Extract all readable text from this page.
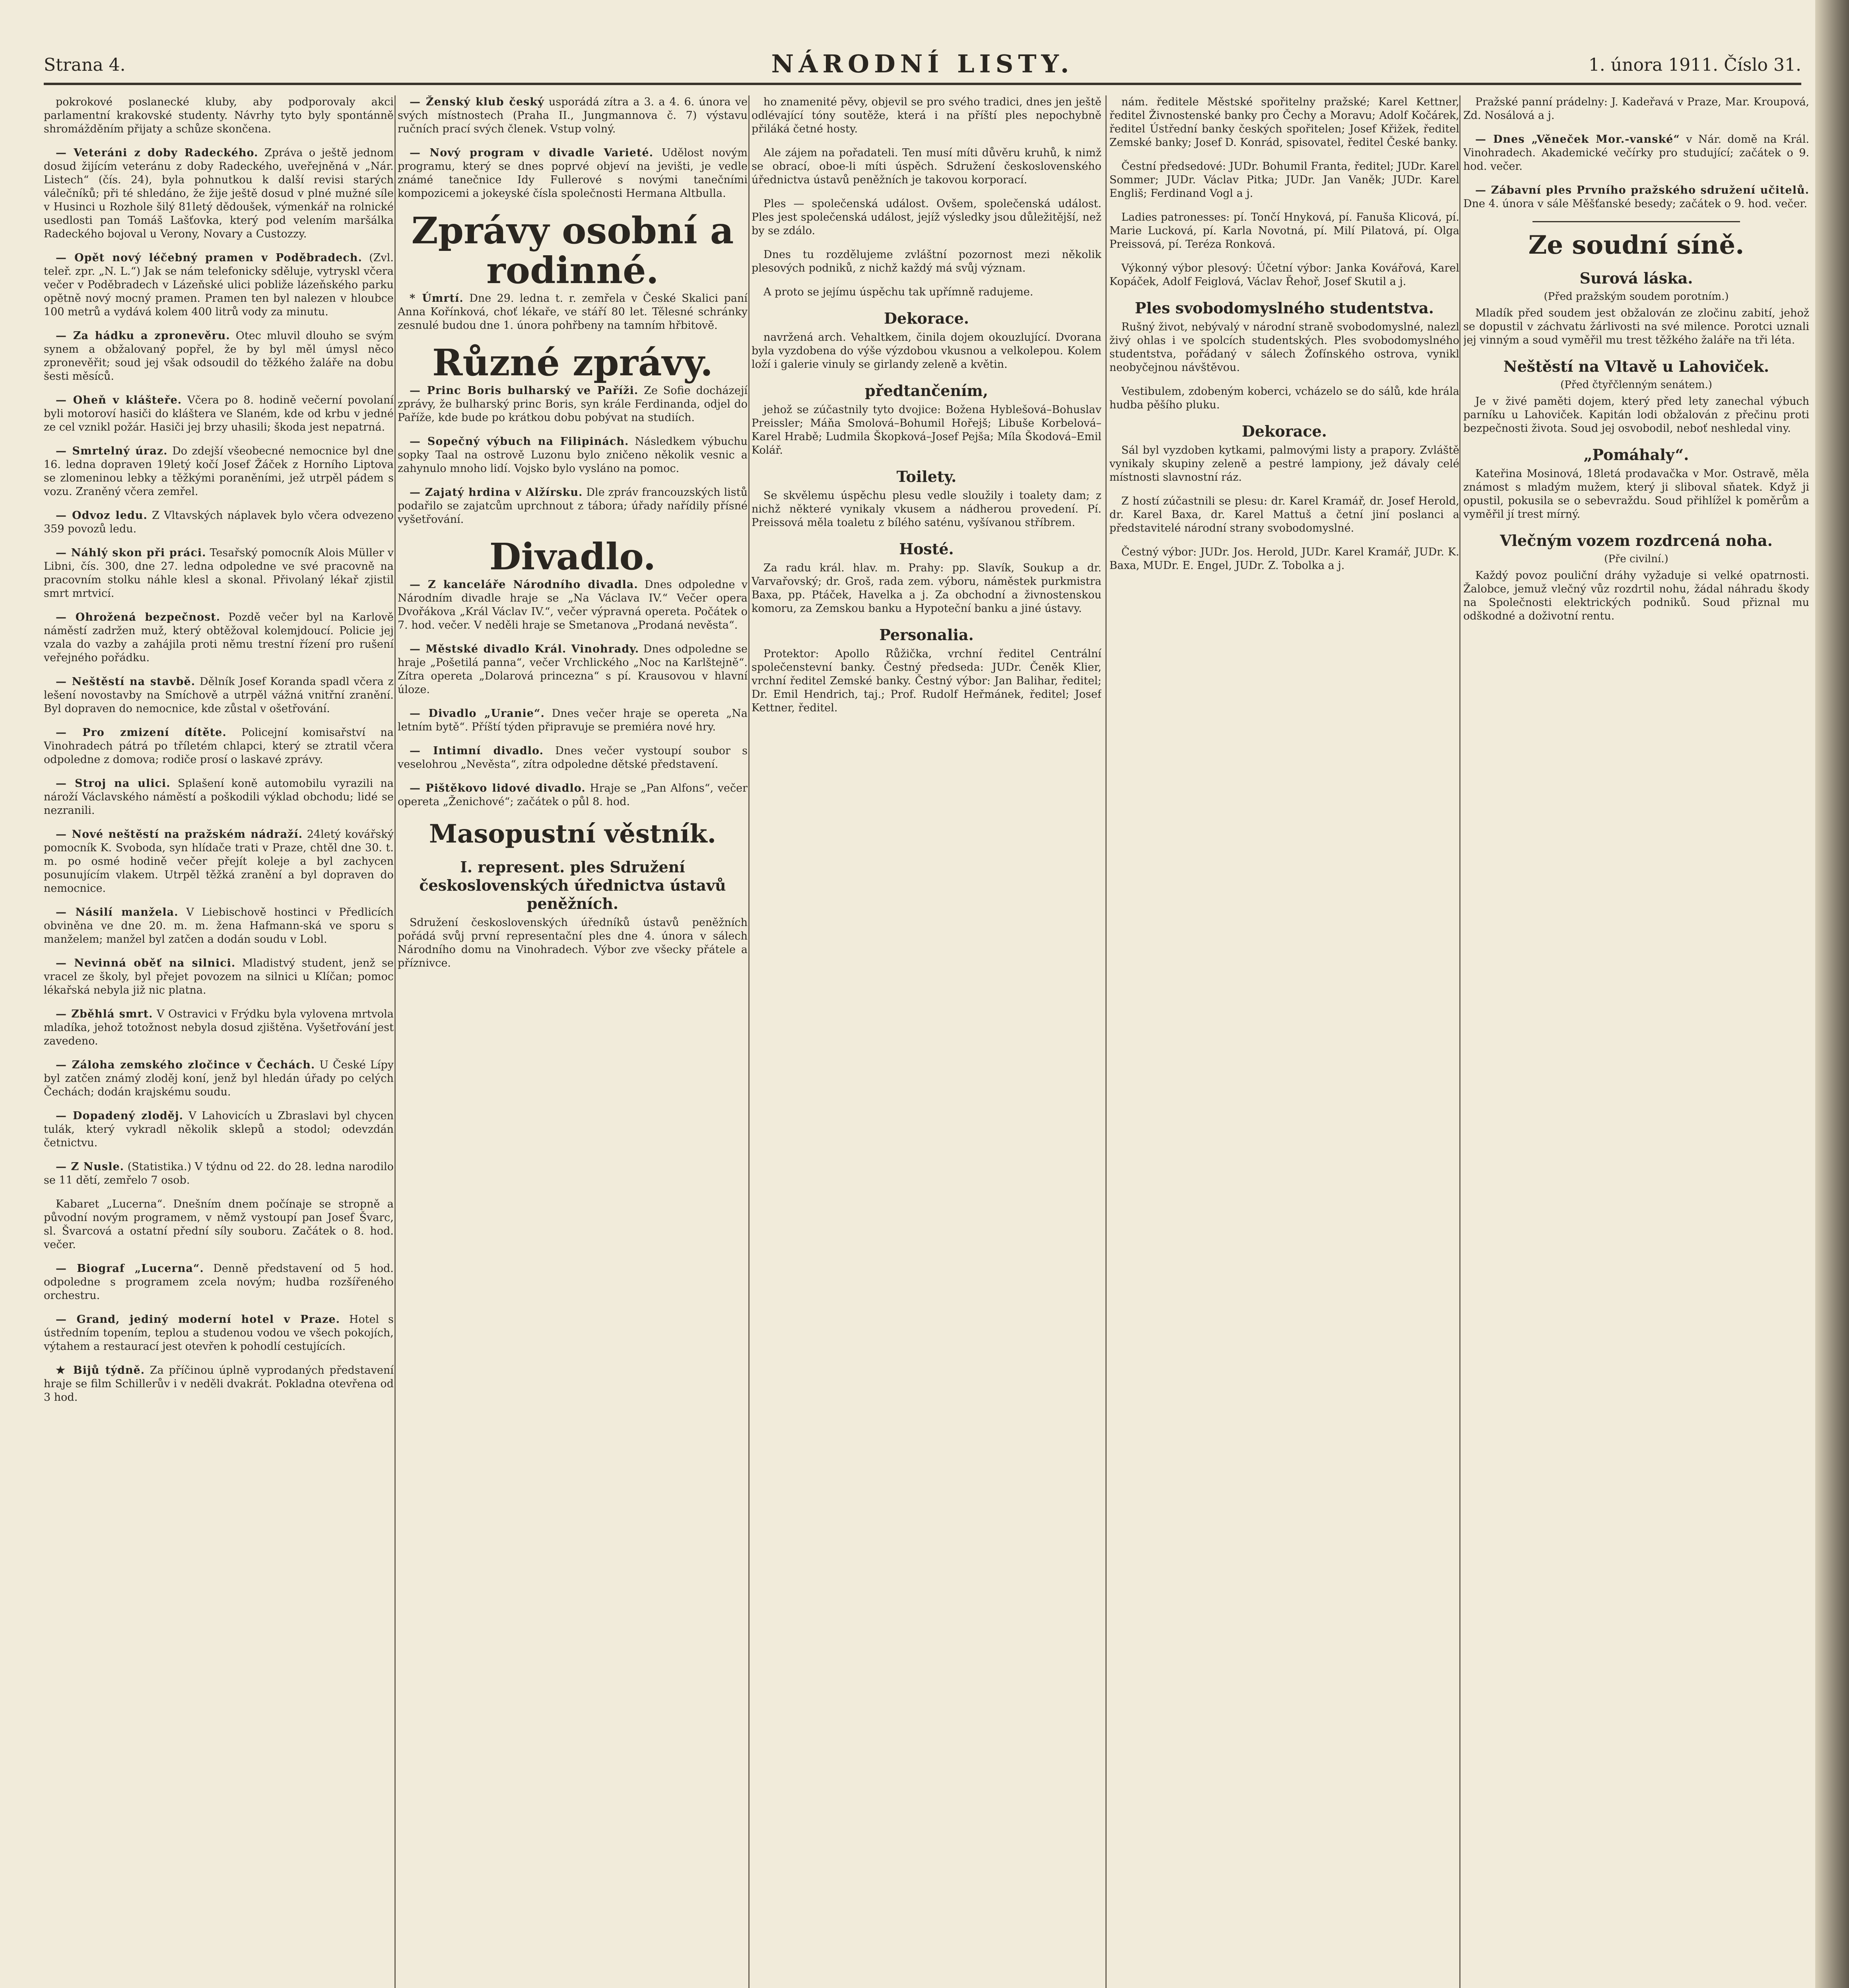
Strana 4.	NÁRODNÍ LISTY.	1. února 1911. Číslo 31.

pokrokové poslanecké kluby, aby podporovaly akci parlamentní krakovské studenty. Návrhy tyto byly spontánně shromážděním přijaty a schůze skončena.

— Veteráni z doby Radeckého. Zpráva o ještě jednom dosud žijícím veteránu z doby Radeckého, uveřejněná v „Nár. Listech“ (čís. 24), byla pohnutkou k další revisi starých válečníků; při té shledáno, že žije ještě dosud v plné mužné síle v Husinci u Rozhole šilý 81letý dědoušek, výmenkář na rolnické usedlosti pan Tomáš Lašťovka, který pod velením maršálka Radeckého bojoval u Verony, Novary a Custozzy.

— Opět nový léčebný pramen v Poděbradech. (Zvl. teleř. zpr. „N. L.“) Jak se nám telefonicky sděluje, vytryskl včera večer v Poděbradech v Lázeňské ulici pobliže lázeňského parku opětně nový mocný pramen. Pramen ten byl nalezen v hloubce 100 metrů a vydává kolem 400 litrů vody za minutu.

— Za hádku a zpronevěru. Otec mluvil dlouho se svým synem a obžalovaný popřel, že by byl měl úmysl něco zpronevěřit; soud jej však odsoudil do těžkého žaláře na dobu šesti měsíců.

— Oheň v klášteře. Včera po 8. hodině večerní povolaní byli motoroví hasiči do kláštera ve Slaném, kde od krbu v jedné ze cel vznikl požár. Hasiči jej brzy uhasili; škoda jest nepatrná.

— Smrtelný úraz. Do zdejší všeobecné nemocnice byl dne 16. ledna dopraven 19letý kočí Josef Žáček z Horního Liptova se zlomeninou lebky a těžkými poraněními, jež utrpěl pádem s vozu. Zraněný včera zemřel.

— Odvoz ledu. Z Vltavských náplavek bylo včera odvezeno 359 povozů ledu.

— Náhlý skon při práci. Tesařský pomocník Alois Müller v Libni, čís. 300, dne 27. ledna odpoledne ve své pracovně na pracovním stolku náhle klesl a skonal. Přivolaný lékař zjistil smrt mrtvicí.

— Ohrožená bezpečnost. Pozdě večer byl na Karlově náměstí zadržen muž, který obtěžoval kolemjdoucí. Policie jej vzala do vazby a zahájila proti němu trestní řízení pro rušení veřejného pořádku.

— Neštěstí na stavbě. Dělník Josef Koranda spadl včera z lešení novostavby na Smíchově a utrpěl vážná vnitřní zranění. Byl dopraven do nemocnice, kde zůstal v ošetřování.

— Pro zmizení dítěte. Policejní komisařství na Vinohradech pátrá po tříletém chlapci, který se ztratil včera odpoledne z domova; rodiče prosí o laskavé zprávy.

— Stroj na ulici. Splašení koně automobilu vyrazili na nároží Václavského náměstí a poškodili výklad obchodu; lidé se nezranili.

— Nové neštěstí na pražském nádraží. 24letý kovářský pomocník K. Svoboda, syn hlídače trati v Praze, chtěl dne 30. t. m. po osmé hodině večer přejít koleje a byl zachycen posunujícím vlakem. Utrpěl těžká zranění a byl dopraven do nemocnice.

— Násilí manžela. V Liebischově hostinci v Předlicích obviněna ve dne 20. m. m. žena Hafmann-ská ve sporu s manželem; manžel byl zatčen a dodán soudu v Lobl.

— Nevinná oběť na silnici. Mladistvý student, jenž se vracel ze školy, byl přejet povozem na silnici u Klíčan; pomoc lékařská nebyla již nic platna.

— Zběhlá smrt. V Ostravici v Frýdku byla vylovena mrtvola mladíka, jehož totožnost nebyla dosud zjištěna. Vyšetřování jest zavedeno.

— Záloha zemského zločince v Čechách. U České Lípy byl zatčen známý zloděj koní, jenž byl hledán úřady po celých Čechách; dodán krajskému soudu.

— Dopadený zloděj. V Lahovicích u Zbraslavi byl chycen tulák, který vykradl několik sklepů a stodol; odevzdán četnictvu.

— Z Nusle. (Statistika.) V týdnu od 22. do 28. ledna narodilo se 11 dětí, zemřelo 7 osob.

Kabaret „Lucerna“. Dnešním dnem počínaje se stropně a původní novým programem, v němž vystoupí pan Josef Švarc, sl. Švarcová a ostatní přední síly souboru. Začátek o 8. hod. večer.

— Biograf „Lucerna“. Denně představení od 5 hod. odpoledne s programem zcela novým; hudba rozšířeného orchestru.

— Grand, jediný moderní hotel v Praze. Hotel s ústředním topením, teplou a studenou vodou ve všech pokojích, výtahem a restaurací jest otevřen k pohodlí cestujících.

★ Bijů týdně. Za příčinou úplně vyprodaných představení hraje se film Schillerův i v neděli dvakrát. Pokladna otevřena od 3 hod.

— Ženský klub český usporádá zítra a 3. a 4. 6. února ve svých místnostech (Praha II., Jungmannova č. 7) výstavu ručních prací svých členek. Vstup volný.

— Nový program v divadle Varieté. Udělost novým programu, který se dnes poprvé objeví na jevišti, je vedle známé tanečnice Idy Fullerové s novými tanečními kompozicemi a jokeyské čísla společnosti Hermana Altbulla.

Zprávy osobní a rodinné.

* Úmrtí. Dne 29. ledna t. r. zemřela v České Skalici paní Anna Kořínková, choť lékaře, ve stáří 80 let. Tělesné schránky zesnulé budou dne 1. února pohřbeny na tamním hřbitově.

Různé zprávy.

— Princ Boris bulharský ve Paříži. Ze Sofie docházejí zprávy, že bulharský princ Boris, syn krále Ferdinanda, odjel do Paříže, kde bude po krátkou dobu pobývat na studiích.

— Sopečný výbuch na Filipinách. Následkem výbuchu sopky Taal na ostrově Luzonu bylo zničeno několik vesnic a zahynulo mnoho lidí. Vojsko bylo vysláno na pomoc.

— Zajatý hrdina v Alžírsku. Dle zpráv francouzských listů podařilo se zajatcům uprchnout z tábora; úřady nařídily přísné vyšetřování.

Divadlo.

— Z kanceláře Národního divadla. Dnes odpoledne v Národním divadle hraje se „Na Václava IV.“ Večer opera Dvořákova „Král Václav IV.“, večer výpravná opereta. Počátek o 7. hod. večer. V neděli hraje se Smetanova „Prodaná nevěsta“.

— Městské divadlo Král. Vinohrady. Dnes odpoledne se hraje „Pošetilá panna“, večer Vrchlického „Noc na Karlštejně“. Zítra opereta „Dolarová princezna“ s pí. Krausovou v hlavní úloze.

— Divadlo „Uranie“. Dnes večer hraje se opereta „Na letním bytě“. Příští týden připravuje se premiéra nové hry.

— Intimní divadlo. Dnes večer vystoupí soubor s veselohrou „Nevěsta“, zítra odpoledne dětské představení.

— Pištěkovo lidové divadlo. Hraje se „Pan Alfons“, večer opereta „Ženichové“; začátek o půl 8. hod.

Masopustní věstník.
I. represent. ples Sdružení československých úřednictva ústavů peněžních.

Sdružení československých úředníků ústavů peněžních pořádá svůj první representační ples dne 4. února v sálech Národního domu na Vinohradech. Výbor zve všecky přátele a příznivce.

ho znamenité pěvy, objevil se pro svého tradici, dnes jen ještě odlévající tóny soutěže, která i na příští ples nepochybně přiláká četné hosty.

Ale zájem na pořadateli. Ten musí míti důvěru kruhů, k nimž se obrací, oboe-li míti úspěch. Sdružení československého úřednictva ústavů peněžních je takovou korporací.

Ples — společenská událost. Ovšem, společenská událost. Ples jest společenská událost, jejíž výsledky jsou důležitější, než by se zdálo.

Dnes tu rozdělujeme zvláštní pozornost mezi několik plesových podniků, z nichž každý má svůj význam.

A proto se jejímu úspěchu tak upřímně radujeme.

Dekorace.

navržená arch. Vehaltkem, činila dojem okouzlující. Dvorana byla vyzdobena do výše výzdobou vkusnou a velkolepou. Kolem loží i galerie vinuly se girlandy zeleně a květin.

předtančením,

jehož se zúčastnily tyto dvojice: Božena Hyblešová–Bohuslav Preissler; Máňa Smolová–Bohumil Hořejš; Libuše Korbelová–Karel Hrabě; Ludmila Škopková–Josef Pejša; Míla Škodová–Emil Kolář.

Toilety.

Se skvělemu úspěchu plesu vedle sloužily i toalety dam; z nichž některé vynikaly vkusem a nádherou provedení. Pí. Preissová měla toaletu z bílého saténu, vyšívanou stříbrem.

Hosté.

Za radu král. hlav. m. Prahy: pp. Slavík, Soukup a dr. Varvařovský; dr. Groš, rada zem. výboru, náměstek purkmistra Baxa, pp. Ptáček, Havelka a j. Za obchodní a živnostenskou komoru, za Zemskou banku a Hypoteční banku a jiné ústavy.

Personalia.

Protektor: Apollo Růžička, vrchní ředitel Centrální společenstevní banky. Čestný předseda: JUDr. Čeněk Klier, vrchní ředitel Zemské banky. Čestný výbor: Jan Balihar, ředitel; Dr. Emil Hendrich, taj.; Prof. Rudolf Heřmánek, ředitel; Josef Kettner, ředitel.

nám. ředitele Městské spořitelny pražské; Karel Kettner, ředitel Živnostenské banky pro Čechy a Moravu; Adolf Kočárek, ředitel Ústřední banky českých spořitelen; Josef Křižek, ředitel Zemské banky; Josef D. Konrád, spisovatel, ředitel České banky.

Čestní předsedové: JUDr. Bohumil Franta, ředitel; JUDr. Karel Sommer; JUDr. Václav Pitka; JUDr. Jan Vaněk; JUDr. Karel Engliš; Ferdinand Vogl a j.

Ladies patronesses: pí. Tončí Hnyková, pí. Fanuša Klicová, pí. Marie Lucková, pí. Karla Novotná, pí. Milí Pilatová, pí. Olga Preissová, pí. Teréza Ronková.

Výkonný výbor plesový: Účetní výbor: Janka Kovářová, Karel Kopáček, Adolf Feiglová, Václav Řehoř, Josef Skutil a j.

Ples svobodomyslného studentstva.

Rušný život, nebývalý v národní straně svobodomyslné, nalezl živý ohlas i ve spolcích studentských. Ples svobodomyslného studentstva, pořádaný v sálech Žofínského ostrova, vynikl neobyčejnou návštěvou.

Vestibulem, zdobeným koberci, vcházelo se do sálů, kde hrála hudba pěšího pluku.

Dekorace.

Sál byl vyzdoben kytkami, palmovými listy a prapory. Zvláště vynikaly skupiny zeleně a pestré lampiony, jež dávaly celé místnosti slavnostní ráz.

Z hostí zúčastnili se plesu: dr. Karel Kramář, dr. Josef Herold, dr. Karel Baxa, dr. Karel Mattuš a četní jiní poslanci a představitelé národní strany svobodomyslné.

Čestný výbor: JUDr. Jos. Herold, JUDr. Karel Kramář, JUDr. K. Baxa, MUDr. E. Engel, JUDr. Z. Tobolka a j.

Pražské panní prádelny: J. Kadeřavá v Praze, Mar. Kroupová, Zd. Nosálová a j.

— Dnes „Věneček Mor.-vanské“ v Nár. domě na Král. Vinohradech. Akademické večírky pro studující; začátek o 9. hod. večer.

— Zábavní ples Prvního pražského sdružení učitelů. Dne 4. února v sále Měšťanské besedy; začátek o 9. hod. večer.

Ze soudní síně.
Surová láska.
(Před pražským soudem porotním.)

Mladík před soudem jest obžalován ze zločinu zabití, jehož se dopustil v záchvatu žárlivosti na své milence. Porotci uznali jej vinným a soud vyměřil mu trest těžkého žaláře na tři léta.

Neštěstí na Vltavě u Lahoviček.
(Před čtyřčlenným senátem.)

Je v živé paměti dojem, který před lety zanechal výbuch parníku u Lahoviček. Kapitán lodi obžalován z přečinu proti bezpečnosti života. Soud jej osvobodil, neboť neshledal viny.

„Pomáhaly“.

Kateřina Mosinová, 18letá prodavačka v Mor. Ostravě, měla známost s mladým mužem, který ji sliboval sňatek. Když ji opustil, pokusila se o sebevraždu. Soud přihlížel k poměrům a vyměřil jí trest mírný.

Vlečným vozem rozdrcená noha.
(Pře civilní.)

Každý povoz pouliční dráhy vyžaduje si velké opatrnosti. Žalobce, jemuž vlečný vůz rozdrtil nohu, žádal náhradu škody na Společnosti elektrických podniků. Soud přiznal mu odškodné a doživotní rentu.
